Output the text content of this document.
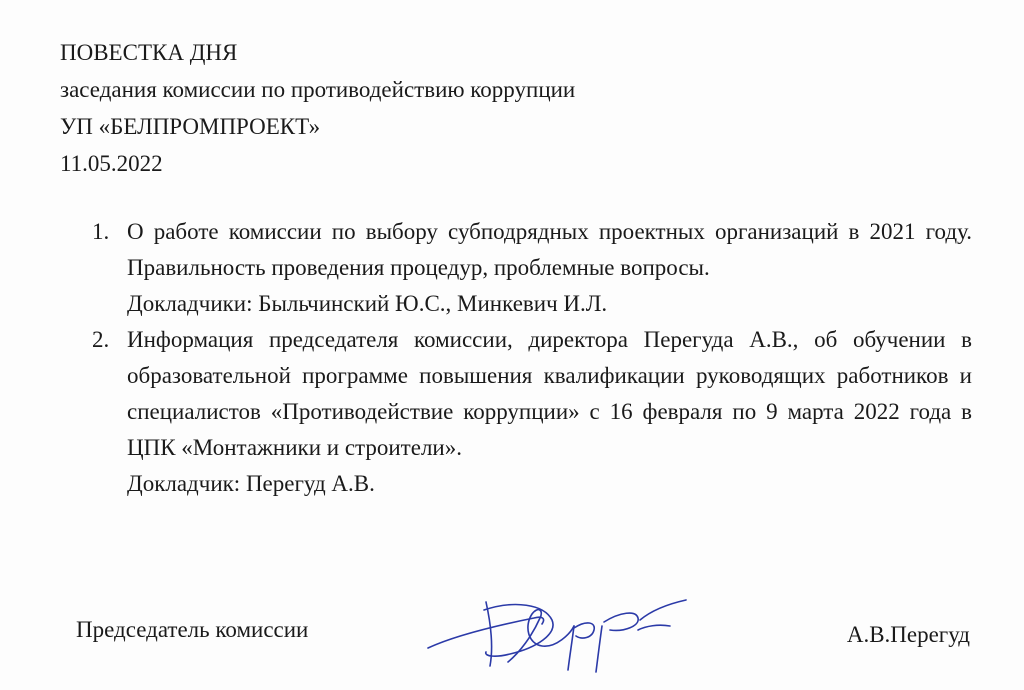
ПОВЕСТКА ДНЯ
заседания комиссии по противодействию коррупции
УП «БЕЛПРОМПРОЕКТ»
11.05.2022
1. О работе комиссии по выбору субподрядных проектных организаций в 2021 году. Правильность проведения процедур, проблемные вопросы.
Докладчики: Быльчинский Ю.С., Минкевич И.Л.
2. Информация председателя комиссии, директора Перегуда А.В., об обучении в образовательной программе повышения квалификации руководящих работников и специалистов «Противодействие коррупции» с 16 февраля по 9 марта 2022 года в ЦПК «Монтажники и строители».
Докладчик: Перегуд А.В.
Председатель комиссии	А.В.Перегуд
